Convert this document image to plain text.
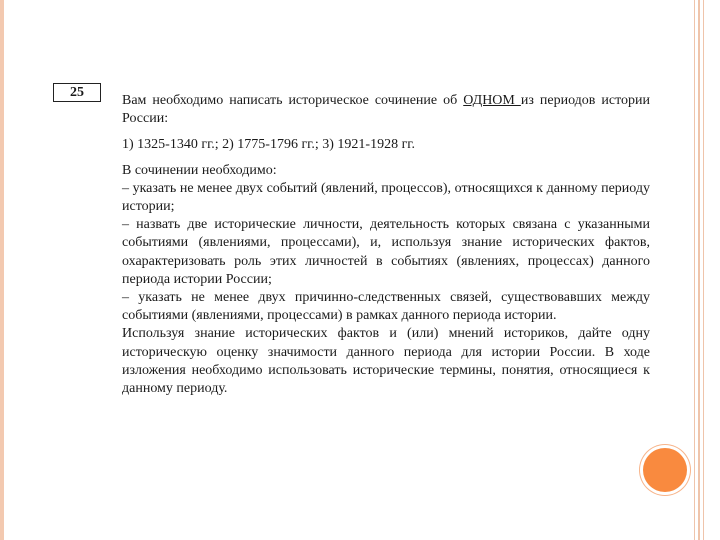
25

Вам необходимо написать историческое сочинение об ОДНОМ из периодов истории России:

1) 1325-1340 гг.; 2) 1775-1796 гг.; 3) 1921-1928 гг.

В сочинении необходимо:

– указать не менее двух событий (явлений, процессов), относящихся к данному периоду истории;

– назвать две исторические личности, деятельность которых связана с указанными событиями (явлениями, процессами), и, используя знание исторических фактов, охарактеризовать роль этих личностей в событиях (явлениях, процессах) данного периода истории России;

– указать не менее двух причинно-следственных связей, существовавших между событиями (явлениями, процессами) в рамках данного периода истории.

Используя знание исторических фактов и (или) мнений историков, дайте одну историческую оценку значимости данного периода для истории России. В ходе изложения необходимо использовать исторические термины, понятия, относящиеся к данному периоду.
